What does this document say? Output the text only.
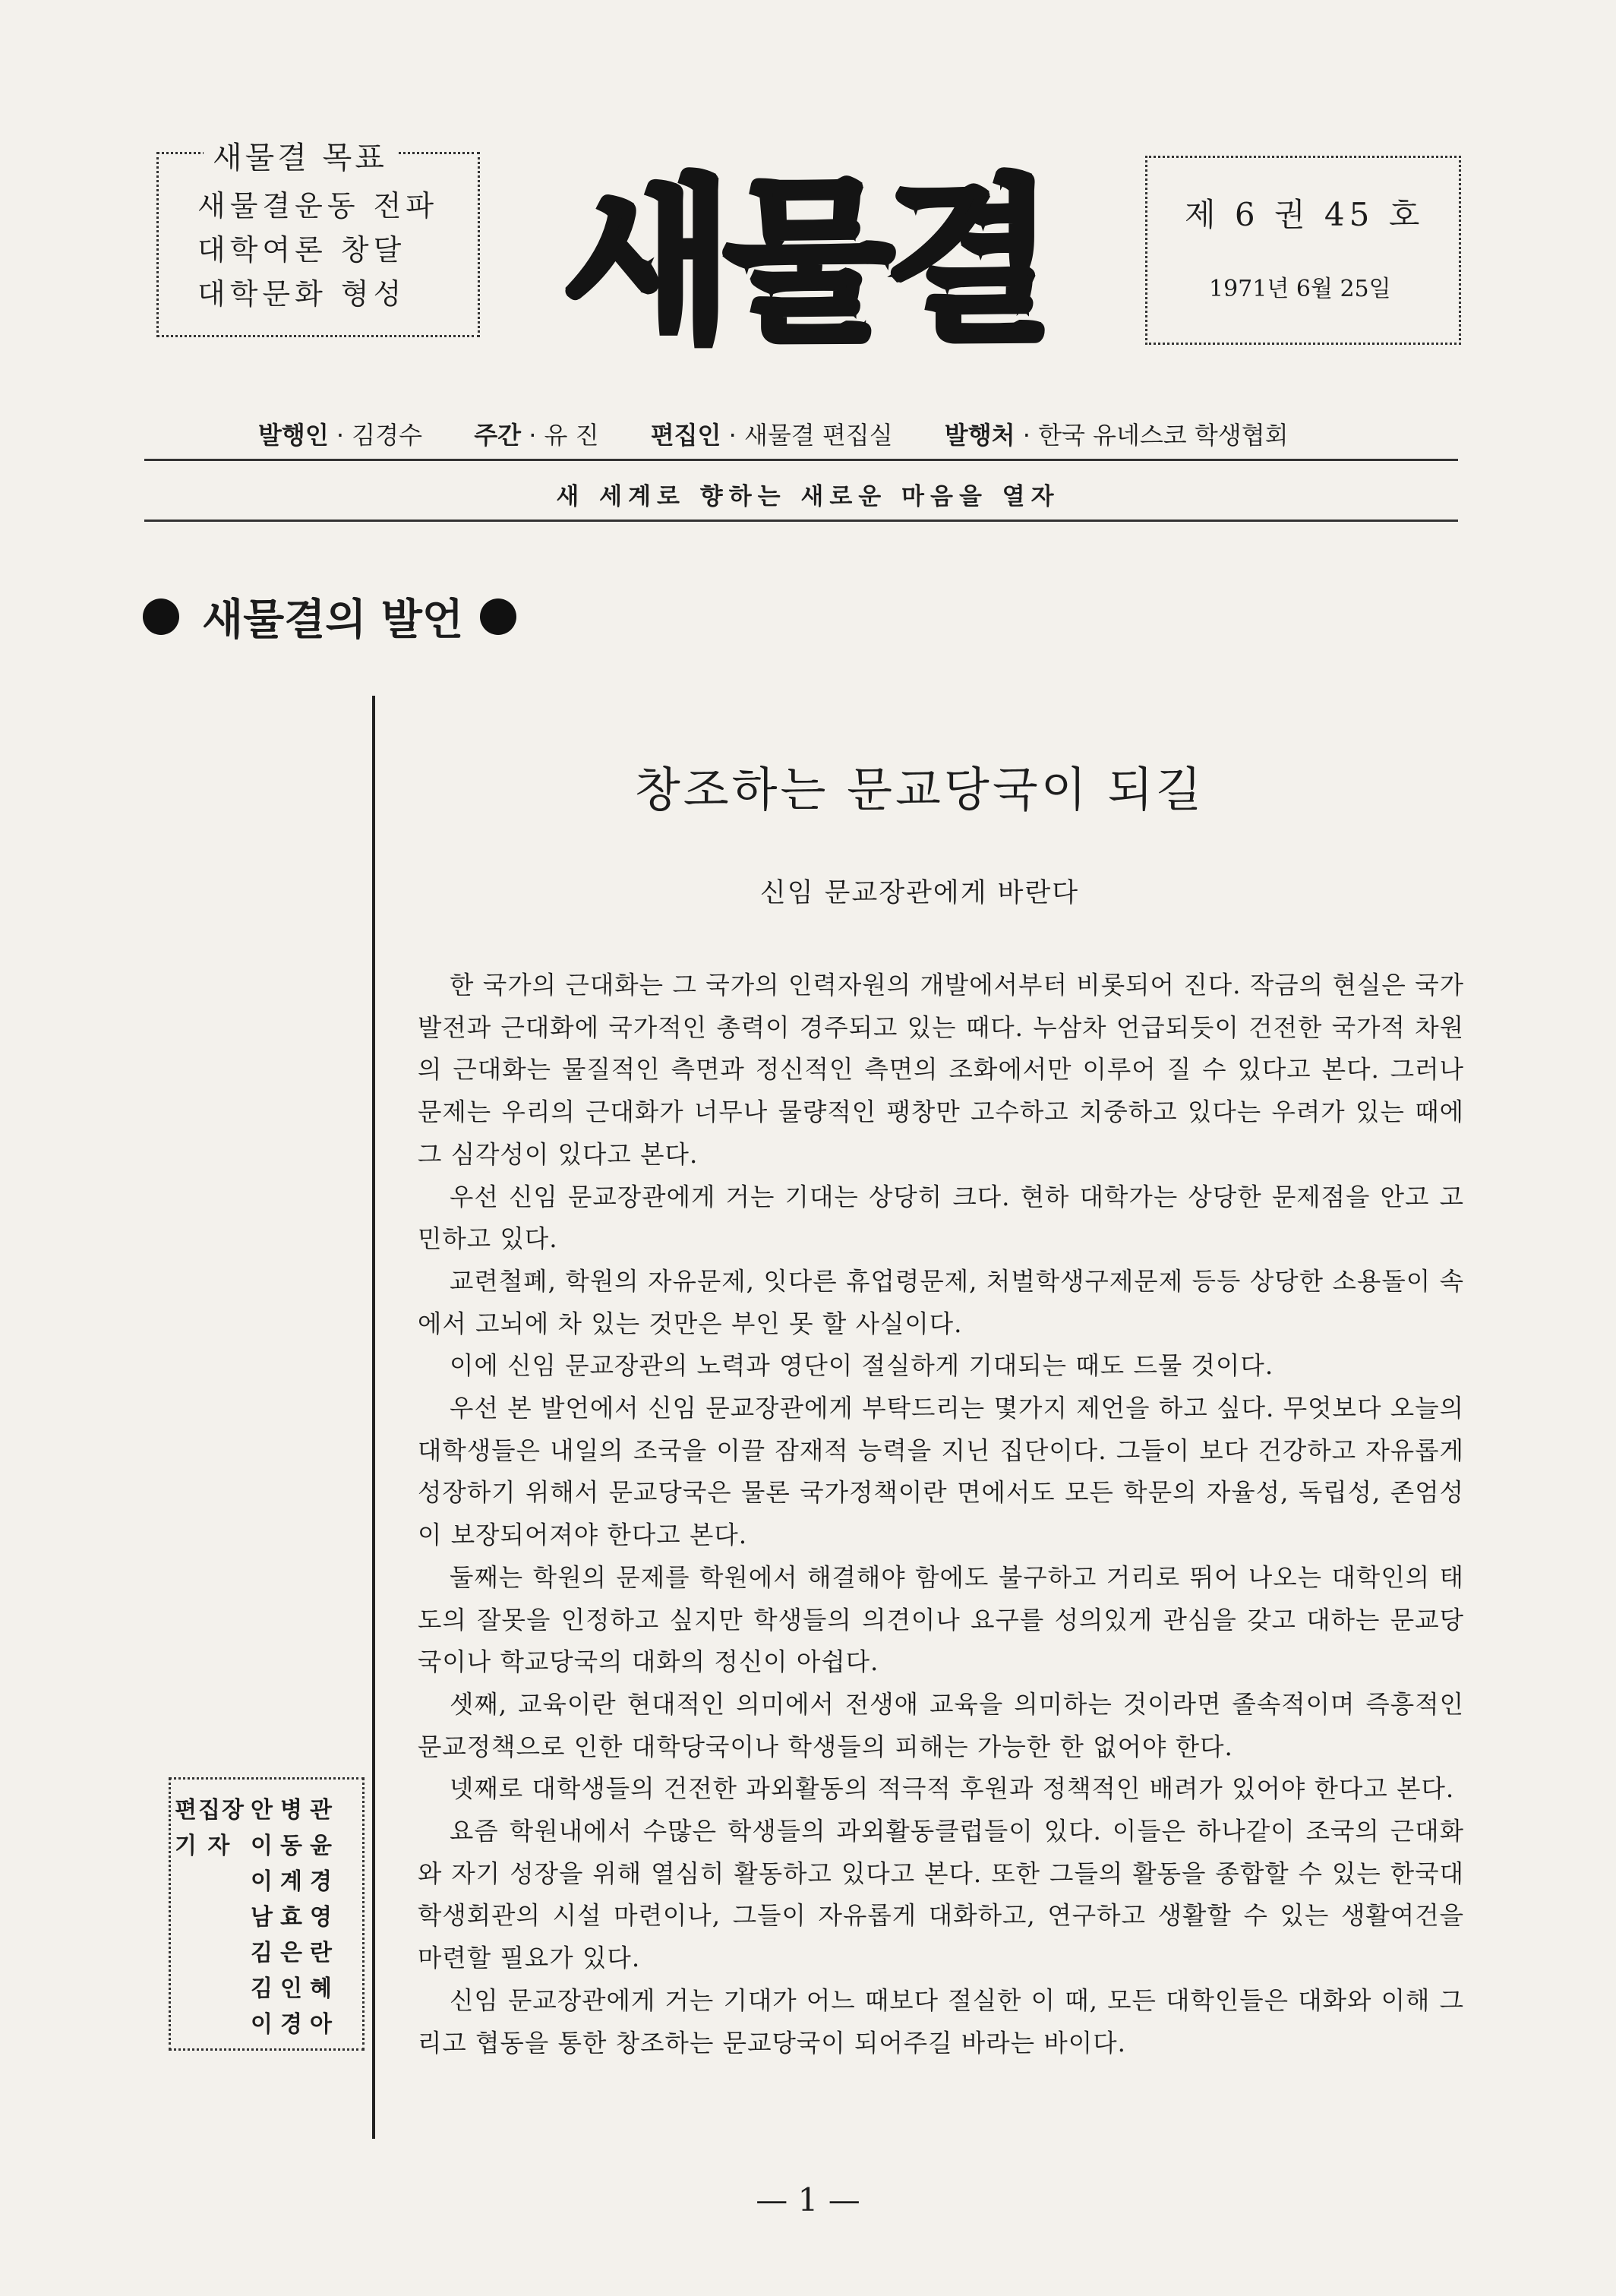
새물결 목표
새물결운동 전파
대학여론 창달
대학문화 형성 새물결	제 6 권 45 호
1971년 6월 25일
발행인 · 김경수 주간 · 유 진 편집인 · 새물결 편집실 발행처 · 한국 유네스코 학생협회
새 세계로 향하는 새로운 마음을 열자
새물결의 발언
창조하는 문교당국이 되길
신임 문교장관에게 바란다

한 국가의 근대화는 그 국가의 인력자원의 개발에서부터 비롯되어 진다. 작금의 현실은 국가발전과 근대화에 국가적인 총력이 경주되고 있는 때다. 누삼차 언급되듯이 건전한 국가적 차원의 근대화는 물질적인 측면과 정신적인 측면의 조화에서만 이루어 질 수 있다고 본다. 그러나 문제는 우리의 근대화가 너무나 물량적인 팽창만 고수하고 치중하고 있다는 우려가 있는 때에 그 심각성이 있다고 본다.

우선 신임 문교장관에게 거는 기대는 상당히 크다. 현하 대학가는 상당한 문제점을 안고 고민하고 있다.

교련철폐, 학원의 자유문제, 잇다른 휴업령문제, 처벌학생구제문제 등등 상당한 소용돌이 속에서 고뇌에 차 있는 것만은 부인 못 할 사실이다.

이에 신임 문교장관의 노력과 영단이 절실하게 기대되는 때도 드물 것이다.

우선 본 발언에서 신임 문교장관에게 부탁드리는 몇가지 제언을 하고 싶다. 무엇보다 오늘의 대학생들은 내일의 조국을 이끌 잠재적 능력을 지닌 집단이다. 그들이 보다 건강하고 자유롭게 성장하기 위해서 문교당국은 물론 국가정책이란 면에서도 모든 학문의 자율성, 독립성, 존엄성이 보장되어져야 한다고 본다.

둘째는 학원의 문제를 학원에서 해결해야 함에도 불구하고 거리로 뛰어 나오는 대학인의 태도의 잘못을 인정하고 싶지만 학생들의 의견이나 요구를 성의있게 관심을 갖고 대하는 문교당국이나 학교당국의 대화의 정신이 아쉽다.

셋째, 교육이란 현대적인 의미에서 전생애 교육을 의미하는 것이라면 졸속적이며 즉흥적인 문교정책으로 인한 대학당국이나 학생들의 피해는 가능한 한 없어야 한다.

넷째로 대학생들의 건전한 과외활동의 적극적 후원과 정책적인 배려가 있어야 한다고 본다.

요즘 학원내에서 수많은 학생들의 과외활동클럽들이 있다. 이들은 하나같이 조국의 근대화와 자기 성장을 위해 열심히 활동하고 있다고 본다. 또한 그들의 활동을 종합할 수 있는 한국대학생회관의 시설 마련이나, 그들이 자유롭게 대화하고, 연구하고 생활할 수 있는 생활여건을 마련할 필요가 있다.

신임 문교장관에게 거는 기대가 어느 때보다 절실한 이 때, 모든 대학인들은 대화와 이해 그리고 협동을 통한 창조하는 문교당국이 되어주길 바라는 바이다.

편집장 안병관
기 자 이동윤
이계경
남효영
김은란
김인혜
이경아
— 1 —
